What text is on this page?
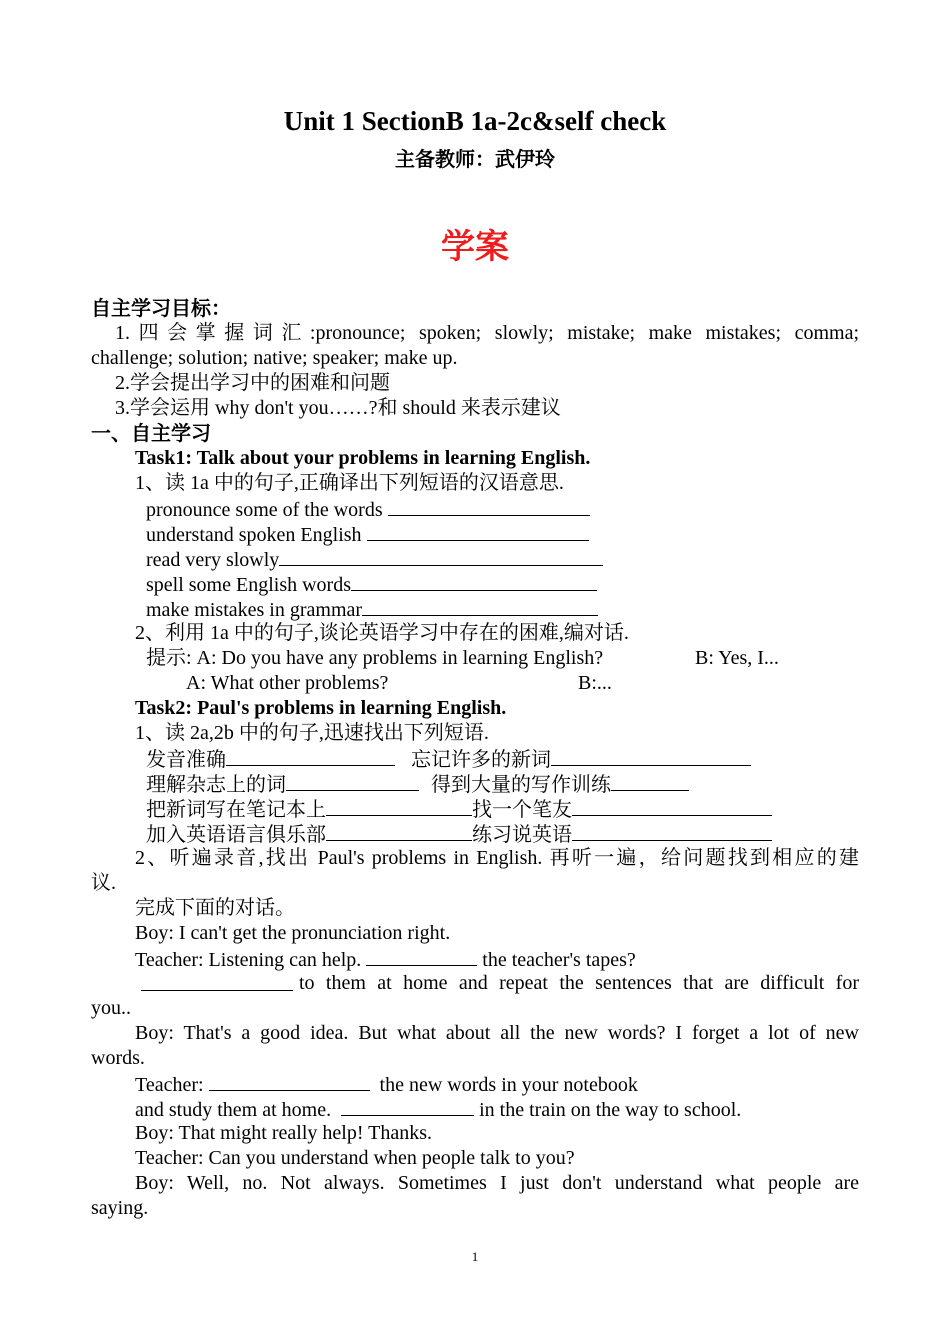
Unit 1 SectionB 1a-2c&self check
主备教师：武伊玲
学案
自主学习目标：
1.四会掌握词汇:pronounce; spoken; slowly; mistake; make mistakes; comma;
challenge; solution; native; speaker; make up.
2.学会提出学习中的困难和问题
3.学会运用 why don't you……?和 should 来表示建议
一、自主学习
Task1: Talk about your problems in learning English.
1、读 1a 中的句子,正确译出下列短语的汉语意思.
pronounce some of the words
understand spoken English
read very slowly
spell some English words
make mistakes in grammar
2、利用 1a 中的句子,谈论英语学习中存在的困难,编对话.
提示: A: Do you have any problems in learning English?	B: Yes, I...
A: What other problems?	B:...
Task2: Paul's problems in learning English.
1、读 2a,2b 中的句子,迅速找出下列短语.
发音准确	忘记许多的新词
理解杂志上的词	得到大量的写作训练
把新词写在笔记本上	找一个笔友
加入英语语言俱乐部	练习说英语
2、听遍录音,找出 Paul's problems in English. 再听一遍，给问题找到相应的建
议.
完成下面的对话。
Boy: I can't get the pronunciation right.
Teacher: Listening can help.	the teacher's tapes?
to them at home and repeat the sentences that are difficult for
you..
Boy: That's a good idea. But what about all the new words? I forget a lot of new
words.
Teacher:	the new words in your notebook
and study them at home.	in the train on the way to school.
Boy: That might really help! Thanks.
Teacher: Can you understand when people talk to you?
Boy: Well, no. Not always. Sometimes I just don't understand what people are
saying.
1
